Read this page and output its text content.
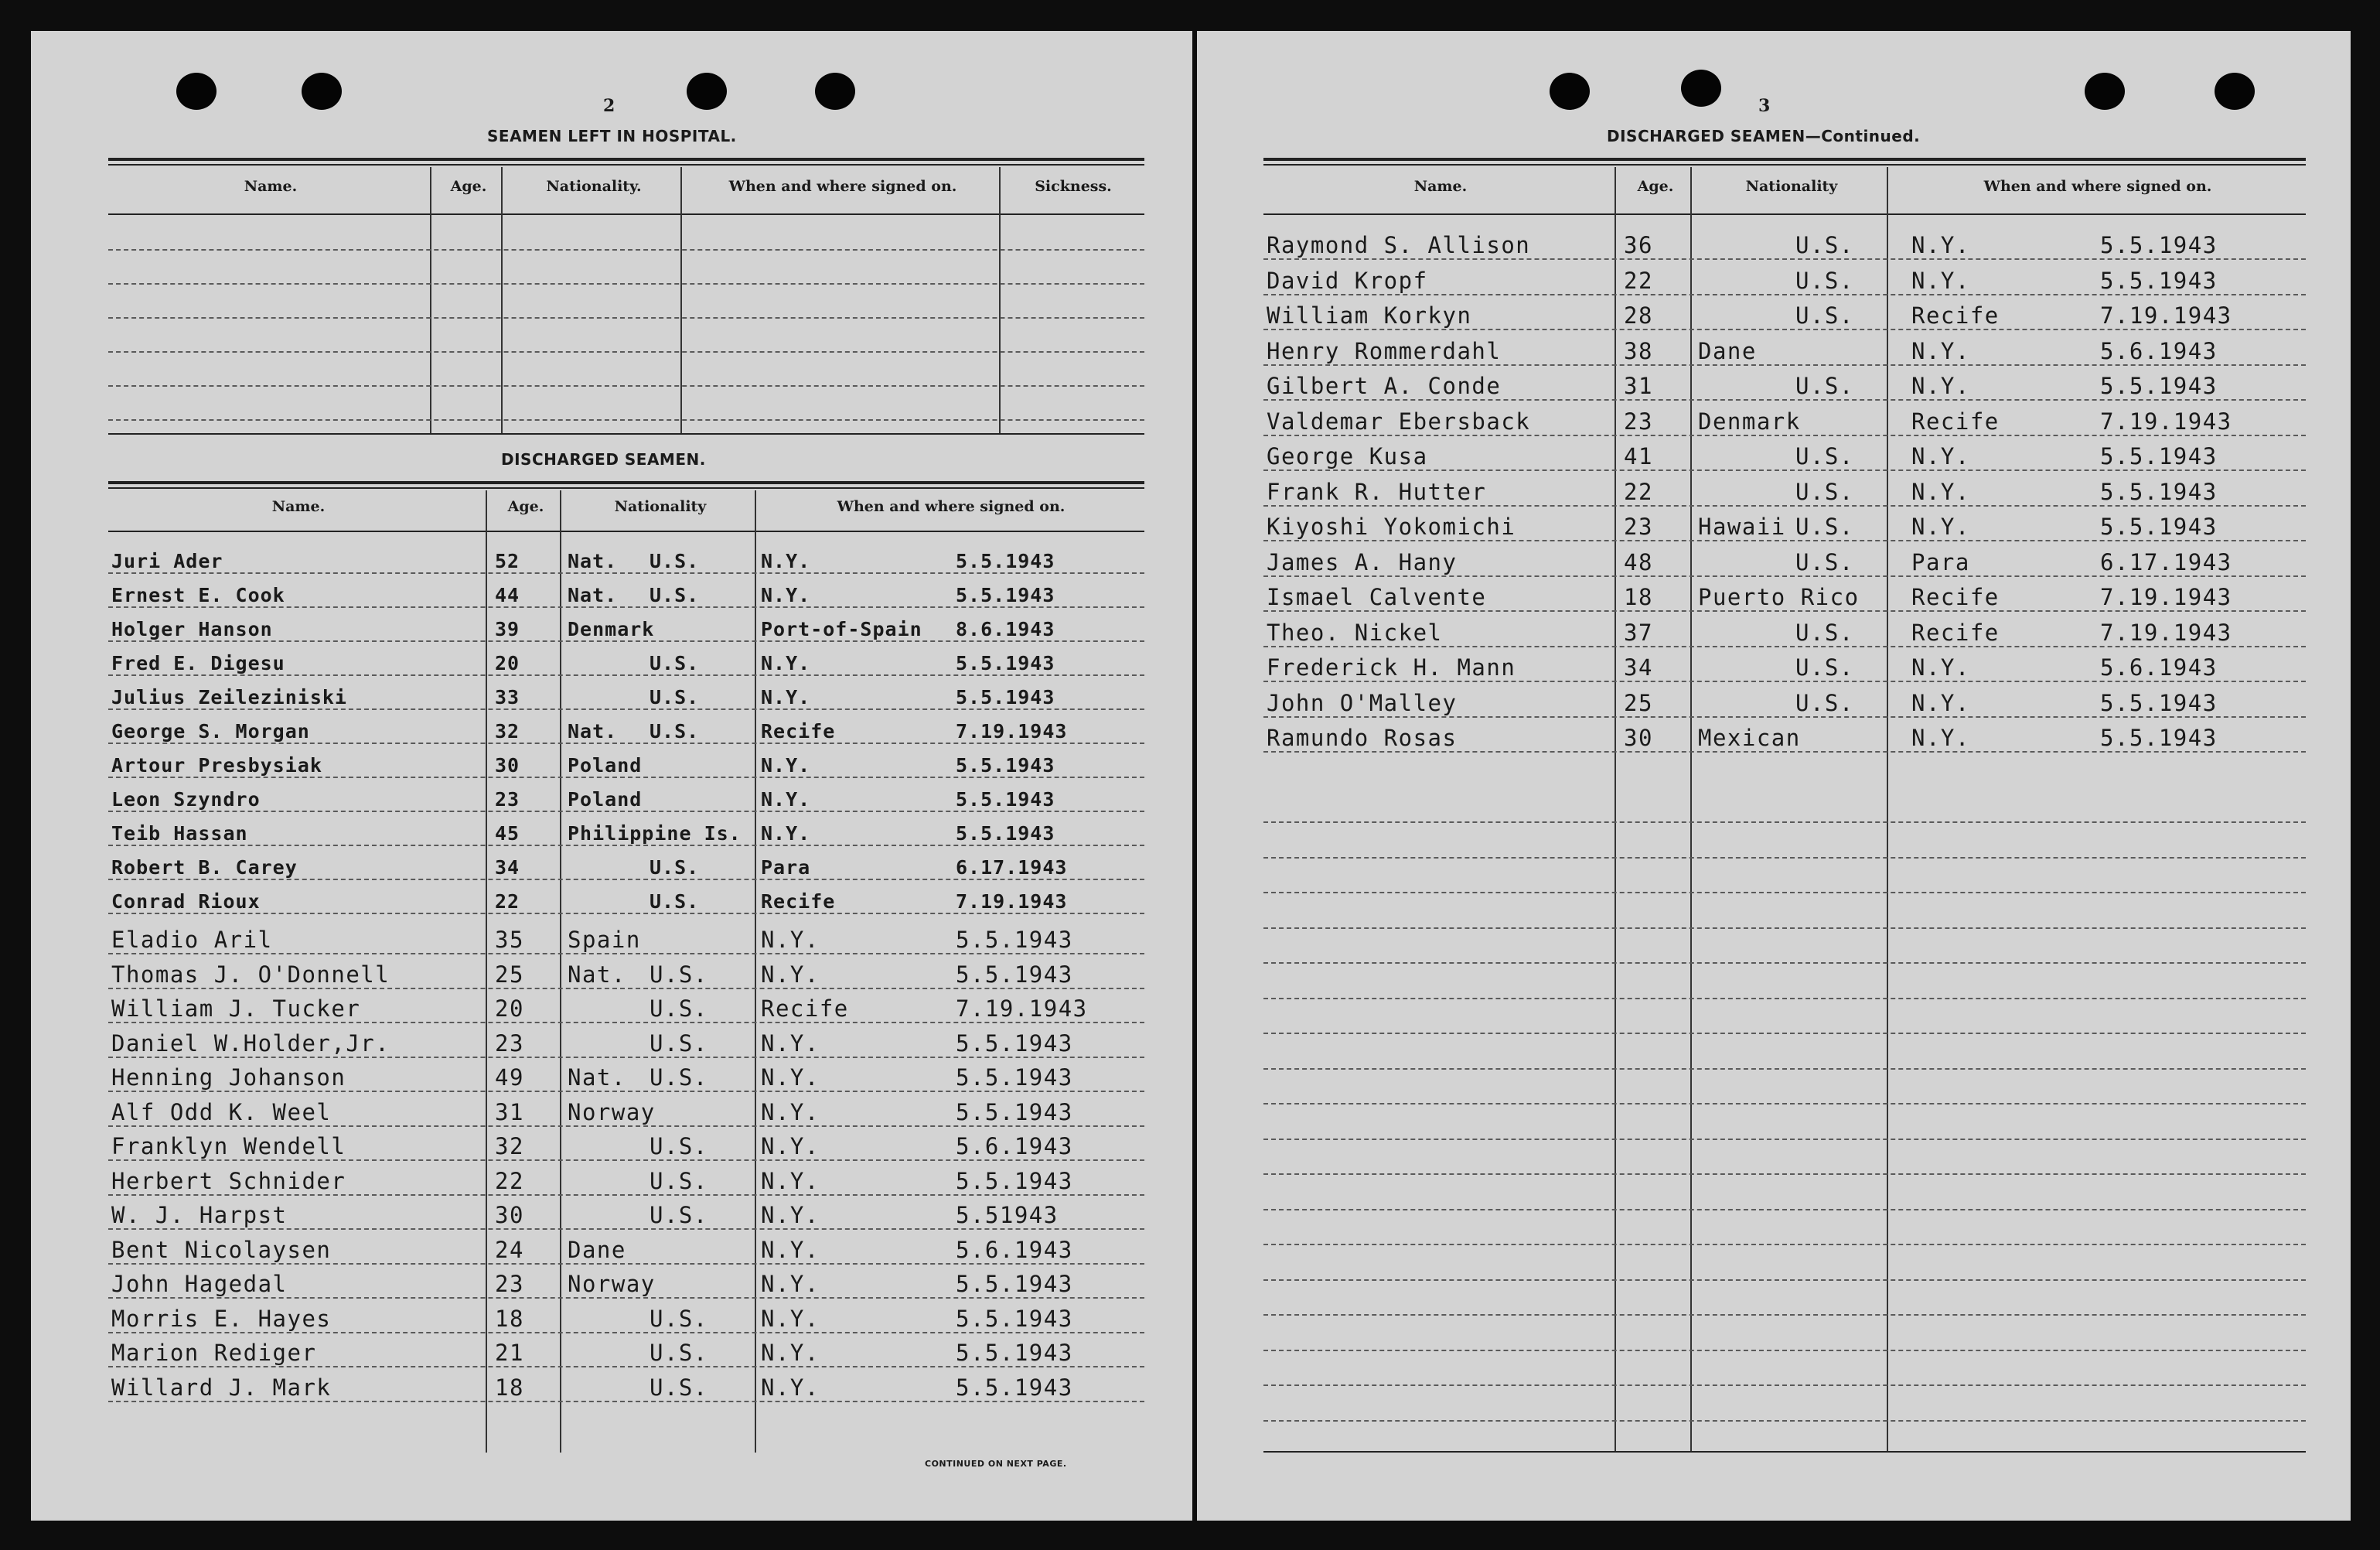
2
SEAMEN LEFT IN HOSPITAL.
Name.	Age.	Nationality.	When and where signed on.	Sickness.
DISCHARGED SEAMEN.
Name.	Age.	Nationality	When and where signed on.
Juri Ader	52 Nat. U.S.	N.Y.	5.5.1943
Ernest E. Cook	44 Nat. U.S.	N.Y.	5.5.1943
Holger Hanson	39 Denmark	Port-of-Spain 8.6.1943
Fred E. Digesu	20	U.S.	N.Y.	5.5.1943
Julius Zeileziniski	33	U.S.	N.Y.	5.5.1943
George S. Morgan	32 Nat. U.S.	Recife	7.19.1943
Artour Presbysiak	30 Poland	N.Y.	5.5.1943
Leon Szyndro	23 Poland	N.Y.	5.5.1943
Teib Hassan	45 Philippine Is. N.Y.	5.5.1943
Robert B. Carey	34	U.S.	Para	6.17.1943
Conrad Rioux	22	U.S.	Recife	7.19.1943
Eladio Aril	35 Spain	N.Y.	5.5.1943
Thomas J. O'Donnell	25 Nat. U.S. N.Y.	5.5.1943
William J. Tucker	20	U.S. Recife	7.19.1943
Daniel W.Holder,Jr.	23	U.S. N.Y.	5.5.1943
Henning Johanson	49 Nat. U.S. N.Y.	5.5.1943
Alf Odd K. Weel	31 Norway	N.Y.	5.5.1943
Franklyn Wendell	32	U.S. N.Y.	5.6.1943
Herbert Schnider	22	U.S. N.Y.	5.5.1943
W. J. Harpst	30	U.S. N.Y.	5.51943
Bent Nicolaysen	24 Dane	N.Y.	5.6.1943
John Hagedal	23 Norway	N.Y.	5.5.1943
Morris E. Hayes	18	U.S. N.Y.	5.5.1943
Marion Rediger	21	U.S. N.Y.	5.5.1943
Willard J. Mark	18	U.S. N.Y.	5.5.1943
CONTINUED ON NEXT PAGE.
3
DISCHARGED SEAMEN—Continued.
Name.	Age.	Nationality	When and where signed on.
Raymond S. Allison	36	U.S.	N.Y.	5.5.1943
David Kropf	22	U.S.	N.Y.	5.5.1943
William Korkyn	28	U.S.	Recife	7.19.1943
Henry Rommerdahl	38 Dane	N.Y.	5.6.1943
Gilbert A. Conde	31	U.S.	N.Y.	5.5.1943
Valdemar Ebersback	23 Denmark	Recife	7.19.1943
George Kusa	41	U.S.	N.Y.	5.5.1943
Frank R. Hutter	22	U.S.	N.Y.	5.5.1943
Kiyoshi Yokomichi	23 Hawaii U.S.	N.Y.	5.5.1943
James A. Hany	48	U.S.	Para	6.17.1943
Ismael Calvente	18 Puerto Rico Recife	7.19.1943
Theo. Nickel	37	U.S.	Recife	7.19.1943
Frederick H. Mann	34	U.S.	N.Y.	5.6.1943
John O'Malley	25	U.S.	N.Y.	5.5.1943
Ramundo Rosas	30 Mexican	N.Y.	5.5.1943
